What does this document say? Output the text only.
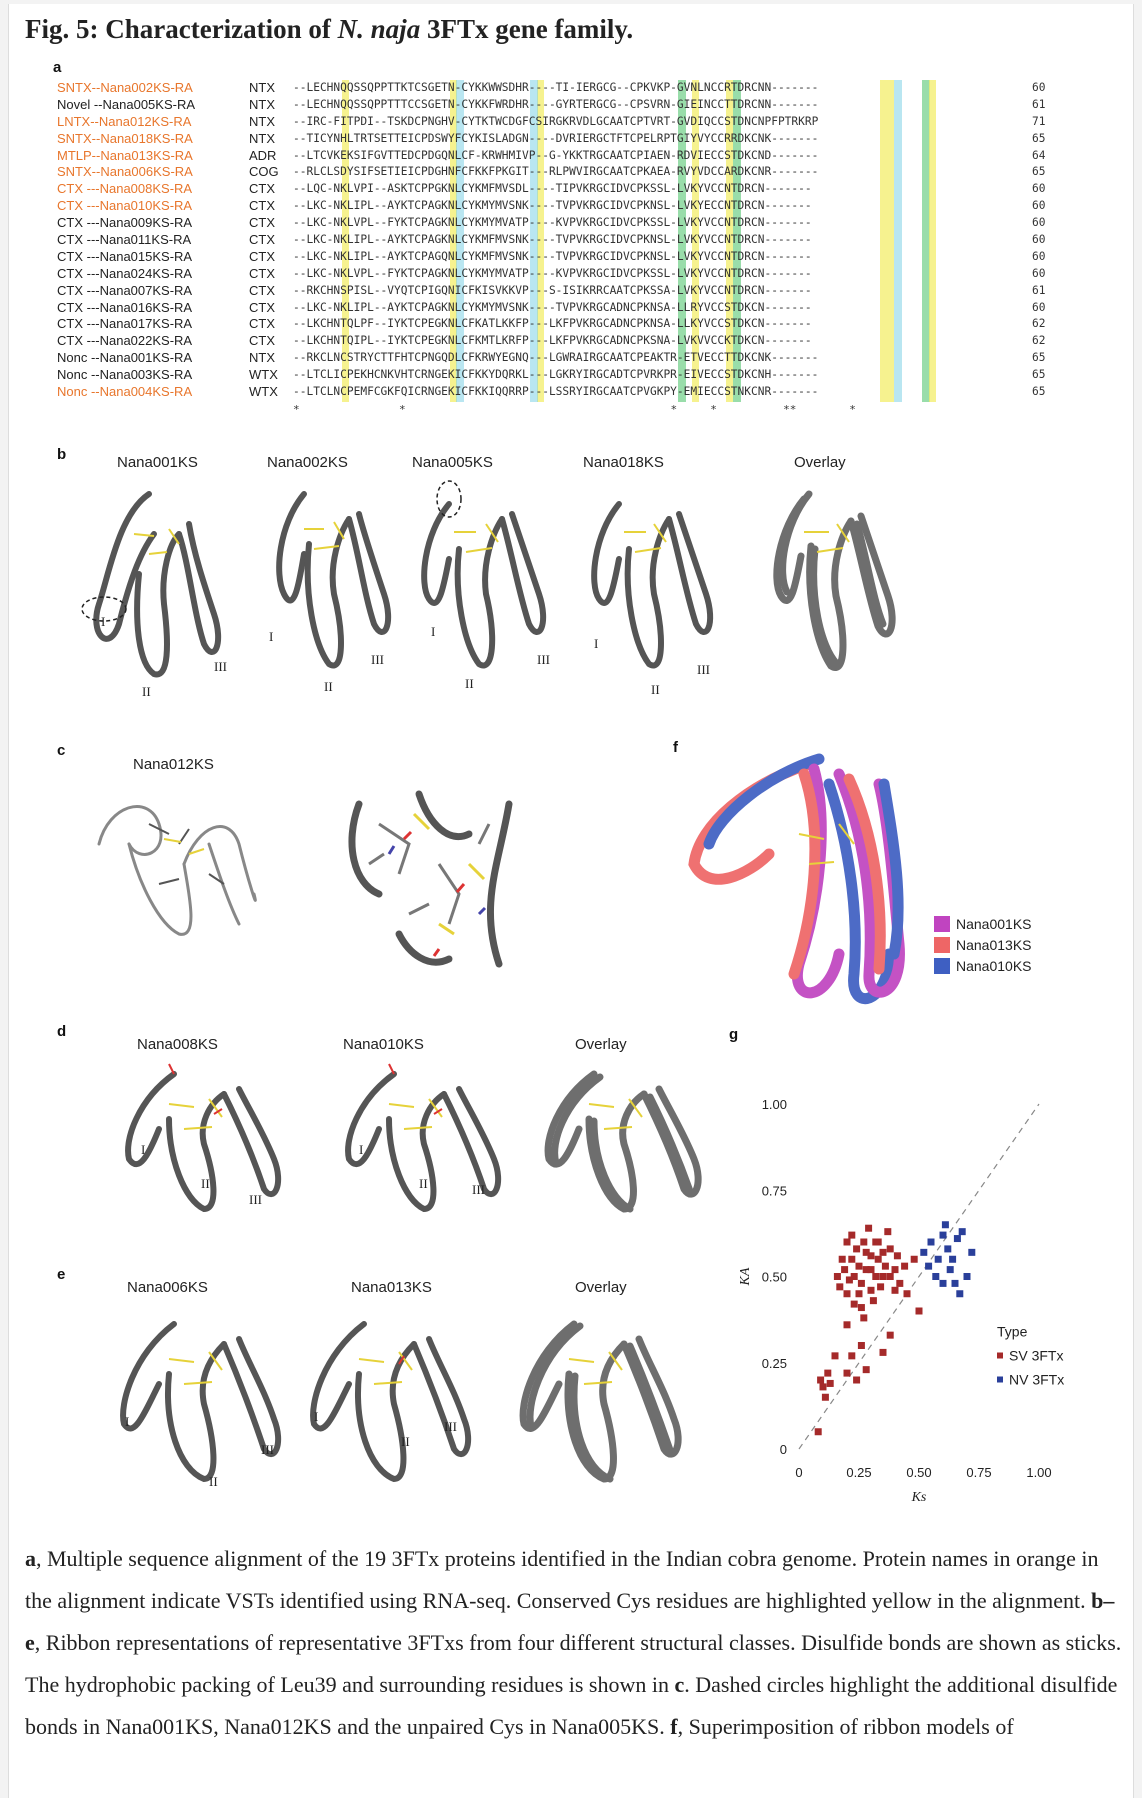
Fig. 5: Characterization of N. naja 3FTx gene family.
a
SNTX--Nana002KS-RA	NTX	--LECHNQQSSQPPTTKTCSGETN-CYKKWWSDHR----TI-IERGCG--CPKVKP-GVNLNCCRTDRCNN-------	60
Novel --Nana005KS-RA	NTX	--LECHNQQSSQPPTTTCCSGETN-CYKKFWRDHR----GYRTERGCG--CPSVRN-GIEINCCTTDRCNN-------	61
LNTX--Nana012KS-RA	NTX	--IRC-FITPDI--TSKDCPNGHV-CYTKTWCDGFCSIRGKRVDLGCAATCPTVRT-GVDIQCCSTDNCNPFPTRKRP	71
SNTX--Nana018KS-RA	NTX	--TICYNHLTRTSETTEICPDSWYFCYKISLADGN----DVRIERGCTFTCPELRPTGIYVYCCRRDKCNK-------	65
MTLP--Nana013KS-RA	ADR	--LTCVKEKSIFGVTTEDCPDGQNLCF-KRWHMIVP--G-YKKTRGCAATCPIAEN-RDVIECCSTDKCND-------	64
SNTX--Nana006KS-RA	COG	--RLCLSDYSIFSETIEICPDGHNFCFKKFPKGIT---RLPWVIRGCAATCPKAEA-RVYVDCCARDKCNR-------	65
CTX ---Nana008KS-RA	CTX	--LQC-NKLVPI--ASKTCPPGKNLCYKMFMVSDL----TIPVKRGCIDVCPKSSL-LVKYVCCNTDRCN-------	60
CTX ---Nana010KS-RA	CTX	--LKC-NKLIPL--AYKTCPAGKNLCYKMYMVSNK----TVPVKRGCIDVCPKNSL-LVKYECCNTDRCN-------	60
CTX ---Nana009KS-RA	CTX	--LKC-NKLVPL--FYKTCPAGKNLCYKMYMVATP----KVPVKRGCIDVCPKSSL-LVKYVCCNTDRCN-------	60
CTX ---Nana011KS-RA	CTX	--LKC-NKLIPL--AYKTCPAGKNLCYKMFMVSNK----TVPVKRGCIDVCPKNSL-LVKYVCCNTDRCN-------	60
CTX ---Nana015KS-RA	CTX	--LKC-NKLIPL--AYKTCPAGQNLCYKMFMVSNK----TVPVKRGCIDVCPKNSL-LVKYVCCNTDRCN-------	60
CTX ---Nana024KS-RA	CTX	--LKC-NKLVPL--FYKTCPAGKNLCYKMYMVATP----KVPVKRGCIDVCPKSSL-LVKYVCCNTDRCN-------	60
CTX ---Nana007KS-RA	CTX	--RKCHNSPISL--VYQTCPIGQNICFKISVKKVP---S-ISIKRRCAATCPKSSA-LVKYVCCNTDRCN-------	61
CTX ---Nana016KS-RA	CTX	--LKC-NKLIPL--AYKTCPAGKNLCYKMYMVSNK----TVPVKRGCADNCPKNSA-LLRYVCCSTDKCN-------	60
CTX ---Nana017KS-RA	CTX	--LKCHNTQLPF--IYKTCPEGKNLCFKATLKKFP---LKFPVKRGCADNCPKNSA-LLKYVCCSTDKCN-------	62
CTX ---Nana022KS-RA	CTX	--LKCHNTQIPL--IYKTCPEGKNLCFKMTLKRFP---LKFPVKRGCADNCPKSNA-LVKVVCCKTDKCN-------	62
Nonc --Nana001KS-RA	NTX	--RKCLNCSTRYCTTFHTCPNGQDLCFKRWYEGNQ---LGWRAIRGCAATCPEAKTR-ETVECCTTDKCNK-------	65
Nonc --Nana003KS-RA	WTX	--LTCLICPEKHCNKVHTCRNGEKICFKKYDQRKL---LGKRYIRGCADTCPVRKPR-EIVECCSTDKCNH-------	65
Nonc --Nana004KS-RA	WTX	--LTCLNCPEMFCGKFQICRNGEKICFKKIQQRRP---LSSRYIRGCAATCPVGKPY-EMIECCSTNKCNR-------	65
*               *                                        *     *          **        *
b	Nana001KS	Nana002KS	Nana005KS	Nana018KS	Overlay
I
II
III
I
II
III
I
II
III
I
II
III
c
Nana012KS
f
Nana001KS
Nana013KS
Nana010KS
d
Nana008KS	Nana010KS	Overlay
I
II
III
I
II	III
e
Nana006KS	Nana013KS	Overlay
I
II
III
I
II
III
g
0	0.25	0.50	0.75	1.00
0
0.25
0.50
0.75
1.00
Ks
KA
Type
SV 3FTx
NV 3FTx
a, Multiple sequence alignment of the 19 3FTx proteins identified in the Indian cobra genome. Protein names in orange in the alignment indicate VSTs identified using RNA-seq. Conserved Cys residues are highlighted yellow in the alignment. b–e, Ribbon representations of representative 3FTxs from four different structural classes. Disulfide bonds are shown as sticks. The hydrophobic packing of Leu39 and surrounding residues is shown in c. Dashed circles highlight the additional disulfide bonds in Nana001KS, Nana012KS and the unpaired Cys in Nana005KS. f, Superimposition of ribbon models of
